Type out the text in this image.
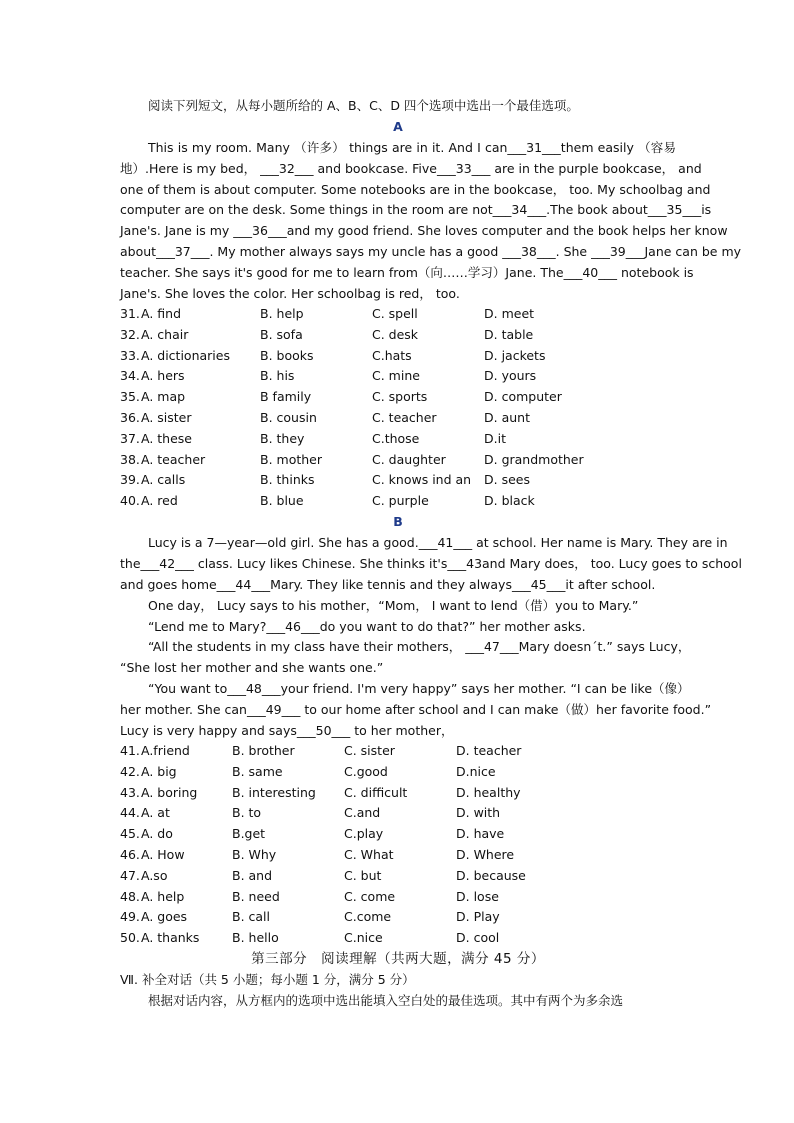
阅读下列短文，从每小题所给的 A、B、C、D 四个选项中选出一个最佳选项。
A
This is my room. Many （许多） things are in it. And I can___31___them easily （容易
地）.Here is my bed， ___32___ and bookcase. Five___33___ are in the purple bookcase， and
one of them is about computer. Some notebooks are in the bookcase， too. My schoolbag and
computer are on the desk. Some things in the room are not___34___.The book about___35___is
Jane's. Jane is my ___36___and my good friend. She loves computer and the book helps her know
about___37___. My mother always says my uncle has a good ___38___. She ___39___Jane can be my
teacher. She says it's good for me to learn from（向……学习）Jane. The___40___ notebook is
Jane's. She loves the color. Her schoolbag is red， too.
31. A. find	B. help	C. spell	D. meet
32. A. chair	B. sofa	C. desk	D. table
33. A. dictionaries B. books	C.hats	D. jackets
34. A. hers	B. his	C. mine	D. yours
35. A. map	B family	C. sports	D. computer
36. A. sister	B. cousin	C. teacher	D. aunt
37. A. these	B. they	C.those	D.it
38. A. teacher	B. mother	C. daughter	D. grandmother
39. A. calls	B. thinks	C. knows ind an D. sees
40. A. red	B. blue	C. purple	D. black
B
Lucy is a 7—year—old girl. She has a good.___41___ at school. Her name is Mary. They are in
the___42___ class. Lucy likes Chinese. She thinks it's___43and Mary does， too. Lucy goes to school
and goes home___44___Mary. They like tennis and they always___45___it after school.
One day， Lucy says to his mother，“Mom， I want to lend（借）you to Mary.”
“Lend me to Mary?___46___do you want to do that?” her mother asks.
“All the students in my class have their mothers， ___47___Mary doesn´t.” says Lucy，
“She lost her mother and she wants one.”
“You want to___48___your friend. I'm very happy” says her mother. “I can be like（像）
her mother. She can___49___ to our home after school and I can make（做）her favorite food.”
Lucy is very happy and says___50___ to her mother，
41. A.friend	B. brother	C. sister	D. teacher
42. A. big	B. same	C.good	D.nice
43. A. boring	B. interesting C. difficult	D. healthy
44. A. at	B. to	C.and	D. with
45. A. do	B.get	C.play	D. have
46. A. How	B. Why	C. What	D. Where
47. A.so	B. and	C. but	D. because
48. A. help	B. need	C. come	D. lose
49. A. goes	B. call	C.come	D. Play
50. A. thanks	B. hello	C.nice	D. cool
第三部分　阅读理解（共两大题，满分 45 分）
Ⅶ. 补全对话（共 5 小题；每小题 1 分，满分 5 分）
根据对话内容，从方框内的选项中选出能填入空白处的最佳选项。其中有两个为多余选
